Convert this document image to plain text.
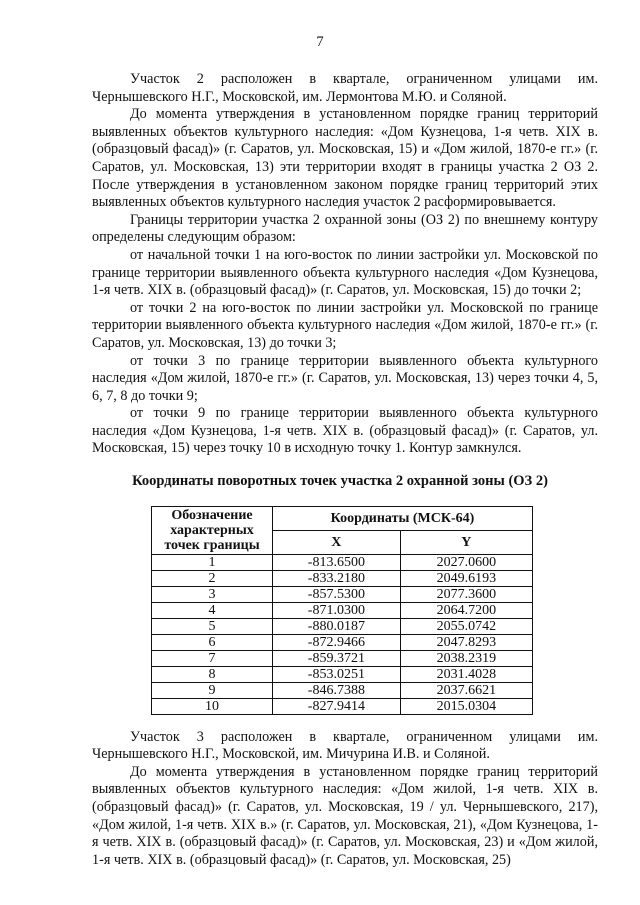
7

Участок 2 расположен в квартале, ограниченном улицами им. Чернышевского Н.Г., Московской, им. Лермонтова М.Ю. и Соляной.

До момента утверждения в установленном порядке границ территорий выявленных объектов культурного наследия: «Дом Кузнецова, 1-я четв. XIX в. (образцовый фасад)» (г. Саратов, ул. Московская, 15) и «Дом жилой, 1870-е гг.» (г. Саратов, ул. Московская, 13) эти территории входят в границы участка 2 ОЗ 2. После утверждения в установленном законом порядке границ территорий этих выявленных объектов культурного наследия участок 2 расформировывается.

Границы территории участка 2 охранной зоны (ОЗ 2) по внешнему контуру определены следующим образом:

от начальной точки 1 на юго-восток по линии застройки ул. Московской по границе территории выявленного объекта культурного наследия «Дом Кузнецова, 1-я четв. XIX в. (образцовый фасад)» (г. Саратов, ул. Московская, 15) до точки 2;

от точки 2 на юго-восток по линии застройки ул. Московской по границе территории выявленного объекта культурного наследия «Дом жилой, 1870-е гг.» (г. Саратов, ул. Московская, 13) до точки 3;

от точки 3 по границе территории выявленного объекта культурного наследия «Дом жилой, 1870-е гг.» (г. Саратов, ул. Московская, 13) через точки 4, 5, 6, 7, 8 до точки 9;

от точки 9 по границе территории выявленного объекта культурного наследия «Дом Кузнецова, 1-я четв. XIX в. (образцовый фасад)» (г. Саратов, ул. Московская, 15) через точку 10 в исходную точку 1. Контур замкнулся.

Координаты поворотных точек участка 2 охранной зоны (ОЗ 2)

Обозначение характерных точек границы	Координаты (МСК-64)	
	X	Y
1	-813.6500	2027.0600
2	-833.2180	2049.6193
3	-857.5300	2077.3600
4	-871.0300	2064.7200
5	-880.0187	2055.0742
6	-872.9466	2047.8293
7	-859.3721	2038.2319
8	-853.0251	2031.4028
9	-846.7388	2037.6621
10	-827.9414	2015.0304

Участок 3 расположен в квартале, ограниченном улицами им. Чернышевского Н.Г., Московской, им. Мичурина И.В. и Соляной.

До момента утверждения в установленном порядке границ территорий выявленных объектов культурного наследия: «Дом жилой, 1-я четв. XIX в. (образцовый фасад)» (г. Саратов, ул. Московская, 19 / ул. Чернышевского, 217), «Дом жилой, 1-я четв. XIX в.» (г. Саратов, ул. Московская, 21), «Дом Кузнецова, 1-я четв. XIX в. (образцовый фасад)» (г. Саратов, ул. Московская, 23) и «Дом жилой, 1-я четв. XIX в. (образцовый фасад)» (г. Саратов, ул. Московская, 25)
